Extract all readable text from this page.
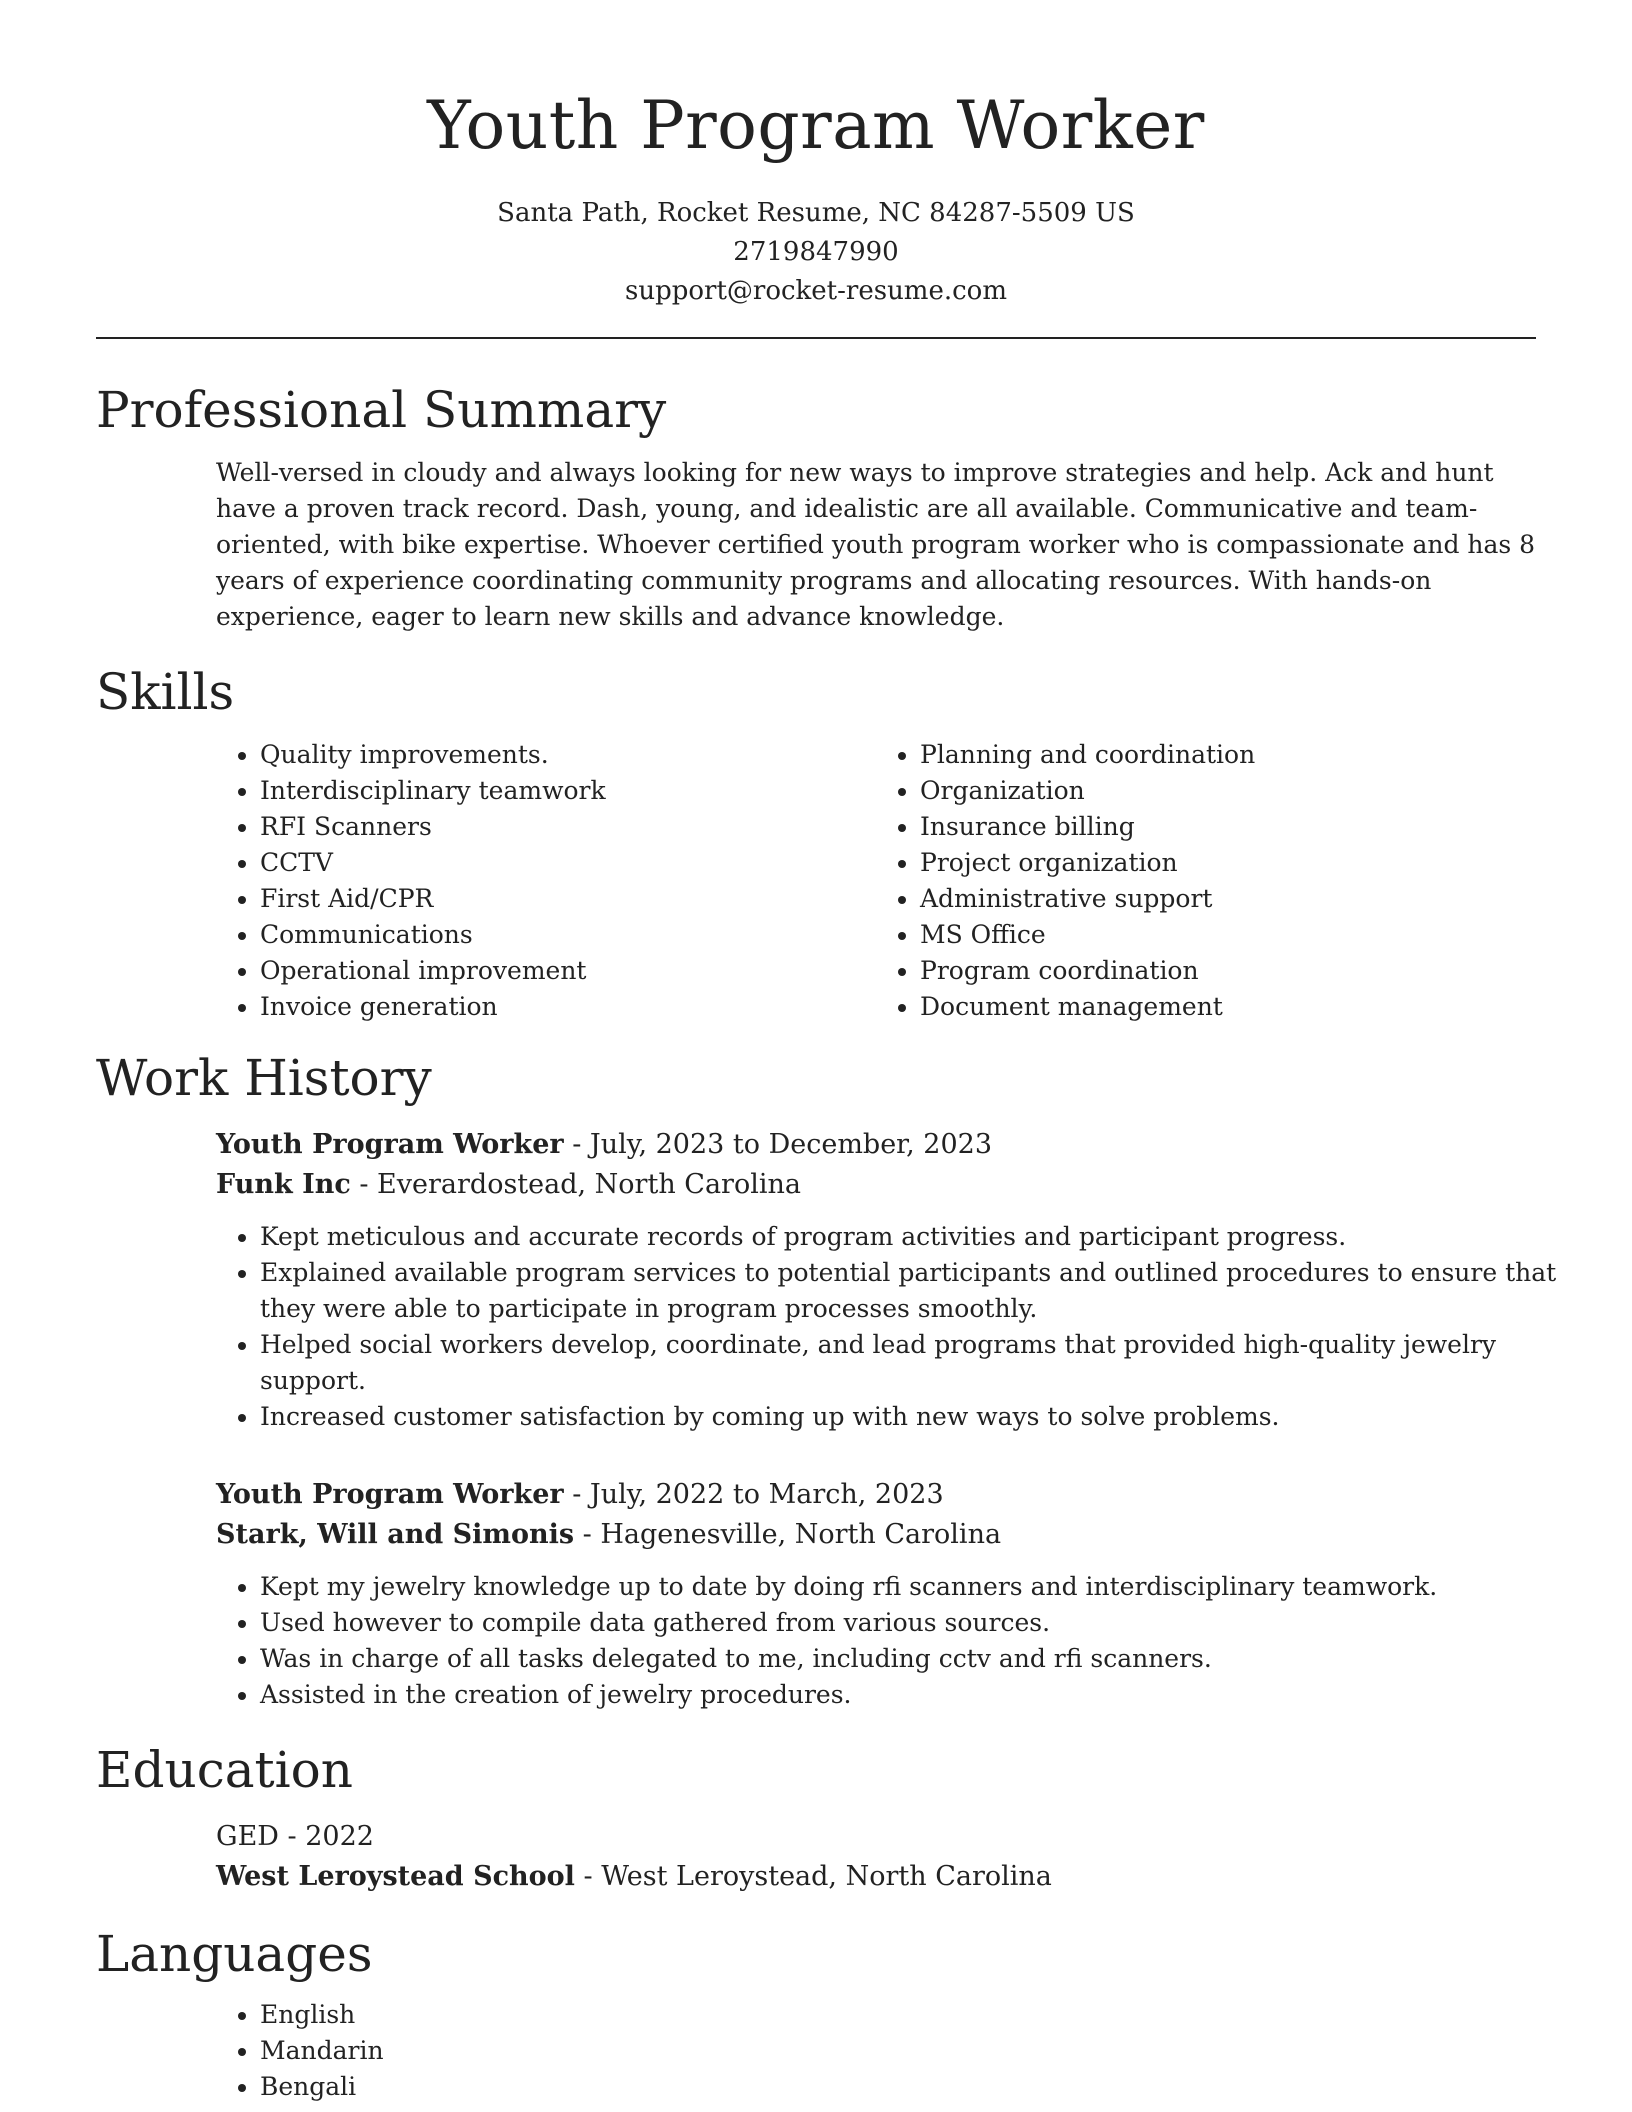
Youth Program Worker
Santa Path, Rocket Resume, NC 84287-5509 US
2719847990
support@rocket-resume.com
Professional Summary
Well-versed in cloudy and always looking for new ways to improve strategies and help. Ack and hunt have a proven track record. Dash, young, and idealistic are all available. Communicative and team-oriented, with bike expertise. Whoever certified youth program worker who is compassionate and has 8 years of experience coordinating community programs and allocating resources. With hands-on experience, eager to learn new skills and advance knowledge.
Skills
• Quality improvements.
• Interdisciplinary teamwork
• RFI Scanners
• CCTV
• First Aid/CPR
• Communications
• Operational improvement
• Invoice generation
• Planning and coordination
• Organization
• Insurance billing
• Project organization
• Administrative support
• MS Office
• Program coordination
• Document management
Work History
Youth Program Worker - July, 2023 to December, 2023
Funk Inc - Everardostead, North Carolina
• Kept meticulous and accurate records of program activities and participant progress.
• Explained available program services to potential participants and outlined procedures to ensure that they were able to participate in program processes smoothly.
• Helped social workers develop, coordinate, and lead programs that provided high-quality jewelry support.
• Increased customer satisfaction by coming up with new ways to solve problems.
Youth Program Worker - July, 2022 to March, 2023
Stark, Will and Simonis - Hagenesville, North Carolina
• Kept my jewelry knowledge up to date by doing rfi scanners and interdisciplinary teamwork.
• Used however to compile data gathered from various sources.
• Was in charge of all tasks delegated to me, including cctv and rfi scanners.
• Assisted in the creation of jewelry procedures.
Education
GED - 2022
West Leroystead School - West Leroystead, North Carolina
Languages
• English
• Mandarin
• Bengali
